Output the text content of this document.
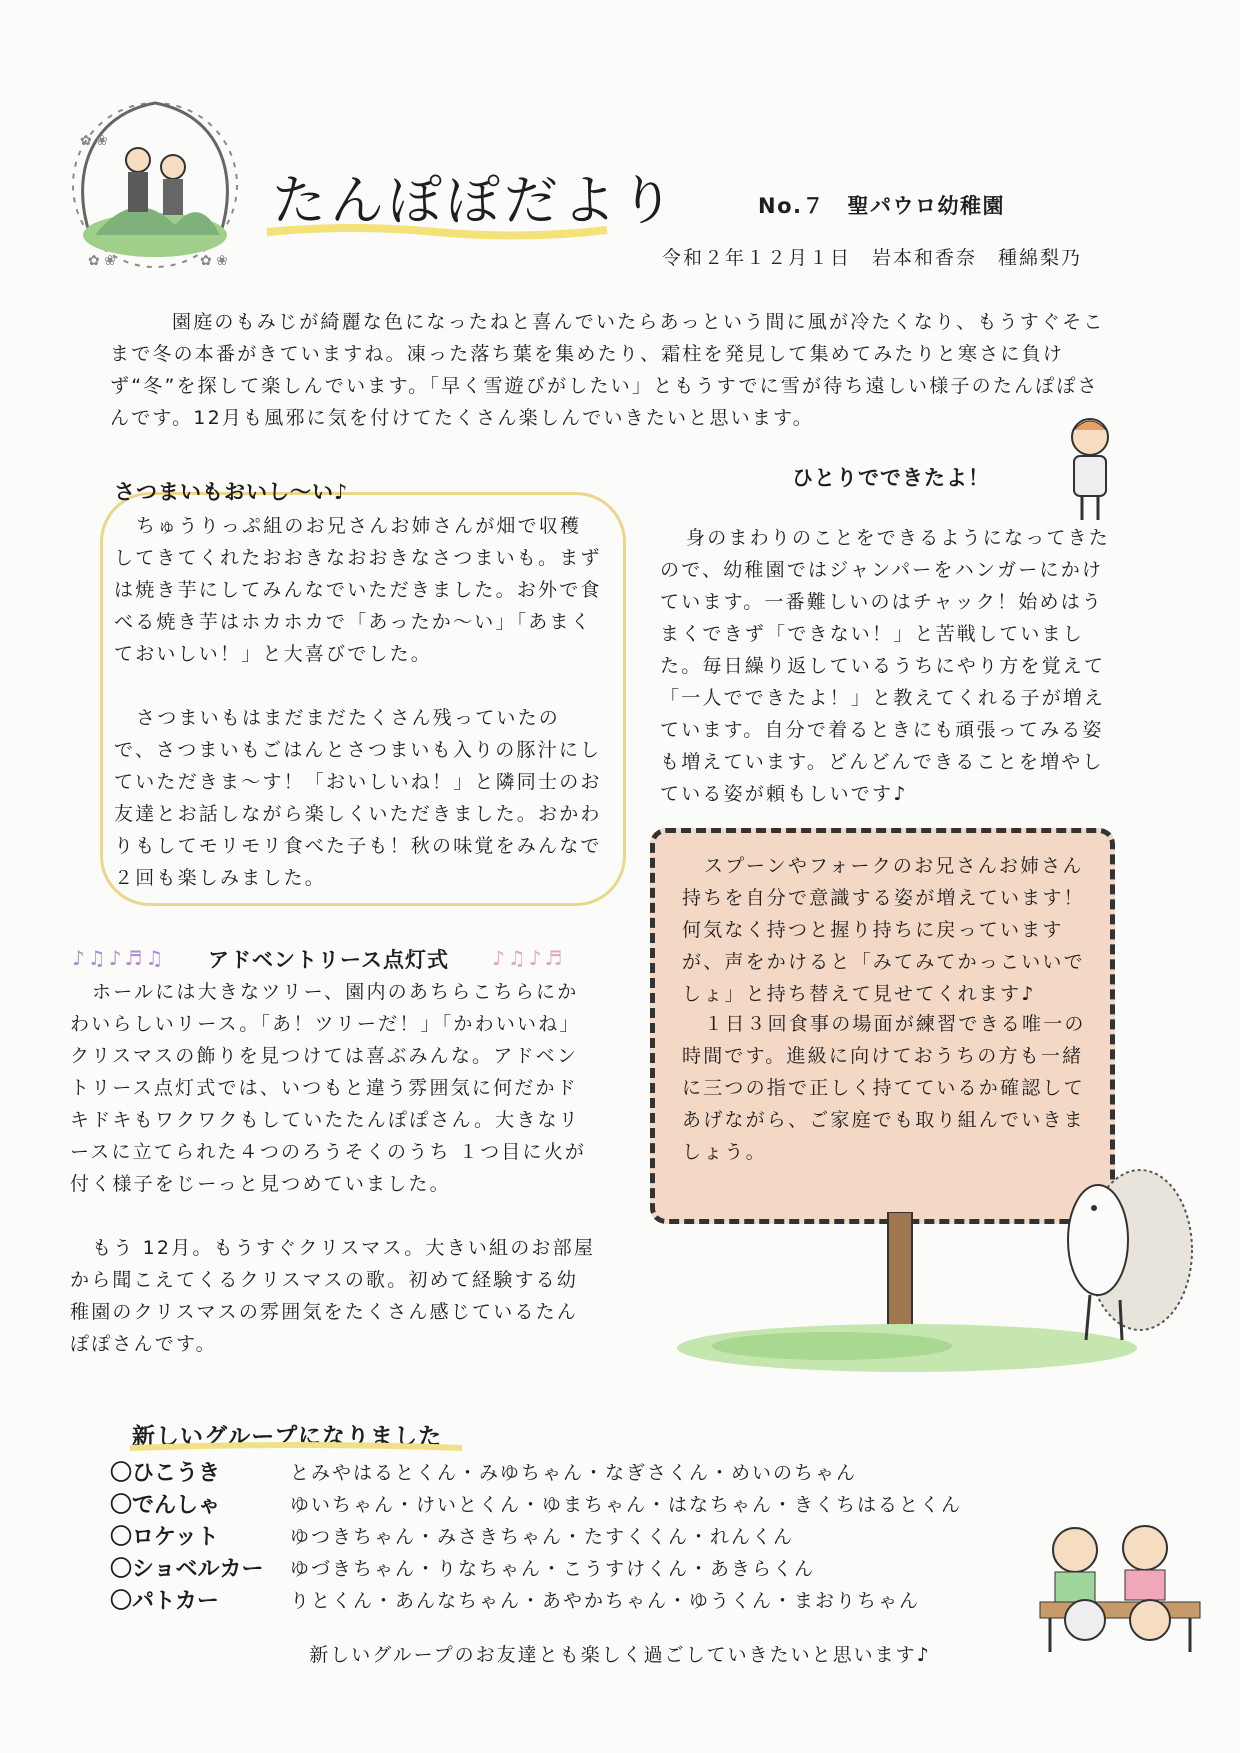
✿ ❀
✿ ❀
✿ ❀
たんぽぽだより	No.７　聖パウロ幼稚園
令和２年１２月１日　岩本和香奈　種綿梨乃

園庭のもみじが綺麗な色になったねと喜んでいたらあっという間に風が冷たくなり、もうすぐそこまで冬の本番がきていますね。凍った落ち葉を集めたり、霜柱を発見して集めてみたりと寒さに負けず“冬”を探して楽しんでいます。「早く雪遊びがしたい」ともうすでに雪が待ち遠しい様子のたんぽぽさんです。12月も風邪に気を付けてたくさん楽しんでいきたいと思います。

さつまいもおいし～い♪

ちゅうりっぷ組のお兄さんお姉さんが畑で収穫してきてくれたおおきなおおきなさつまいも。まずは焼き芋にしてみんなでいただきました。お外で食べる焼き芋はホカホカで「あったか～い」「あまくておいしい！」と大喜びでした。

さつまいもはまだまだたくさん残っていたので、さつまいもごはんとさつまいも入りの豚汁にしていただきま～す！「おいしいね！」と隣同士のお友達とお話しながら楽しくいただきました。おかわりもしてモリモリ食べた子も！秋の味覚をみんなで２回も楽しみました。

♪♫♪♬♫ アドベントリース点灯式 ♪♫♪♬

ホールには大きなツリー、園内のあちらこちらにかわいらしいリース。「あ！ツリーだ！」「かわいいね」クリスマスの飾りを見つけては喜ぶみんな。アドベントリース点灯式では、いつもと違う雰囲気に何だかドキドキもワクワクもしていたたんぽぽさん。大きなリースに立てられた４つのろうそくのうち １つ目に火が付く様子をじーっと見つめていました。

もう 12月。もうすぐクリスマス。大きい組のお部屋から聞こえてくるクリスマスの歌。初めて経験する幼稚園のクリスマスの雰囲気をたくさん感じているたんぽぽさんです。

ひとりでできたよ！

身のまわりのことをできるようになってきたので、幼稚園ではジャンパーをハンガーにかけています。一番難しいのはチャック！始めはうまくできず「できない！」と苦戦していました。毎日繰り返しているうちにやり方を覚えて「一人でできたよ！」と教えてくれる子が増えています。自分で着るときにも頑張ってみる姿も増えています。どんどんできることを増やしている姿が頼もしいです♪

スプーンやフォークのお兄さんお姉さん持ちを自分で意識する姿が増えています！何気なく持つと握り持ちに戻っていますが、声をかけると「みてみてかっこいいでしょ」と持ち替えて見せてくれます♪

１日３回食事の場面が練習できる唯一の時間です。進級に向けておうちの方も一緒に三つの指で正しく持てているか確認してあげながら、ご家庭でも取り組んでいきましょう。

新しいグループになりました
〇ひこうき	とみやはるとくん・みゆちゃん・なぎさくん・めいのちゃん
〇でんしゃ	ゆいちゃん・けいとくん・ゆまちゃん・はなちゃん・きくちはるとくん
〇ロケット	ゆつきちゃん・みさきちゃん・たすくくん・れんくん
〇ショベルカー	ゆづきちゃん・りなちゃん・こうすけくん・あきらくん
〇パトカー	りとくん・あんなちゃん・あやかちゃん・ゆうくん・まおりちゃん
新しいグループのお友達とも楽しく過ごしていきたいと思います♪
